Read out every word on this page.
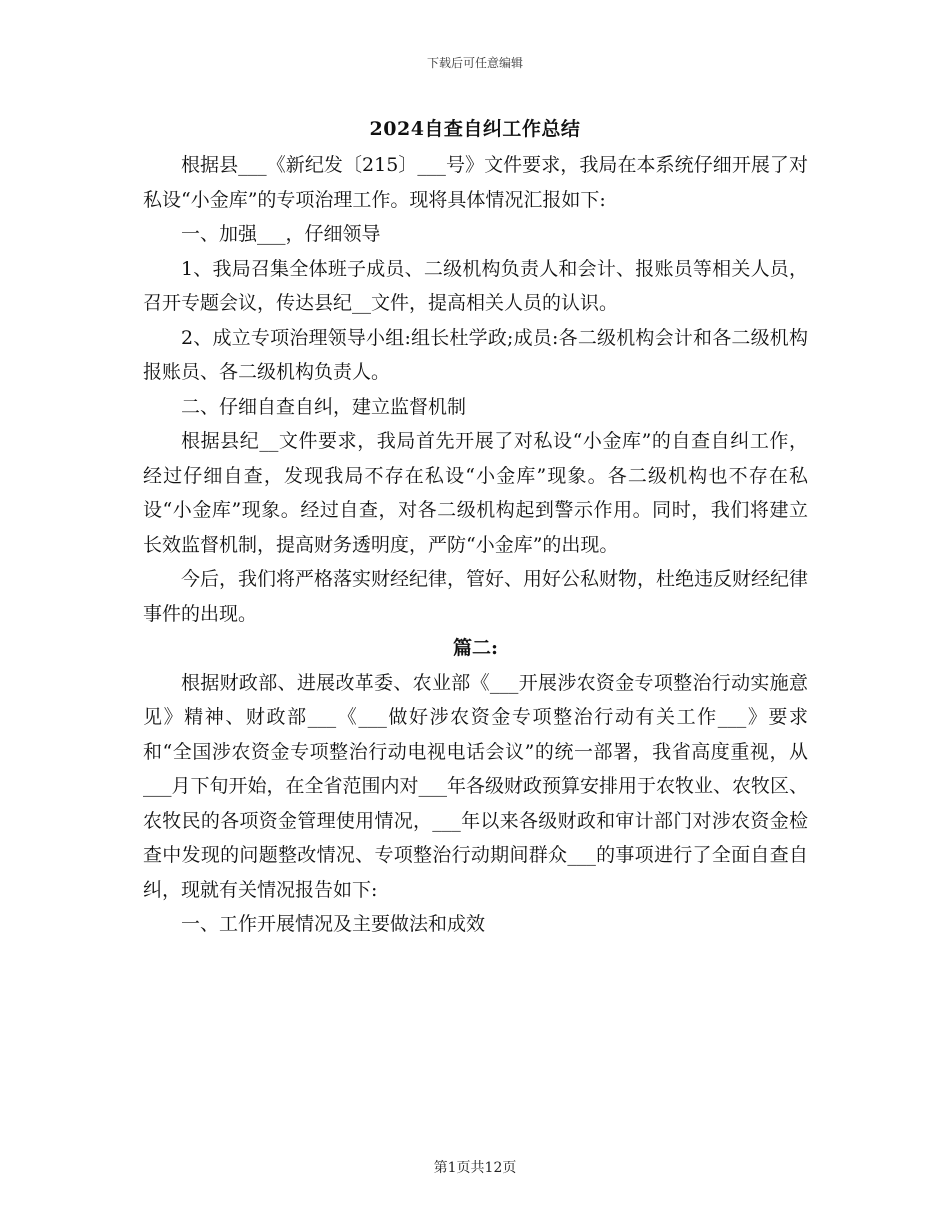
下载后可任意编辑
2024自查自纠工作总结

根据县___《新纪发〔215〕___号》文件要求，我局在本系统仔细开展了对私设“小金库”的专项治理工作。现将具体情况汇报如下:

一、加强___，仔细领导

1、我局召集全体班子成员、二级机构负责人和会计、报账员等相关人员，召开专题会议，传达县纪__文件，提高相关人员的认识。

2、成立专项治理领导小组:组长杜学政;成员:各二级机构会计和各二级机构报账员、各二级机构负责人。

二、仔细自查自纠，建立监督机制

根据县纪__文件要求，我局首先开展了对私设“小金库”的自查自纠工作，经过仔细自查，发现我局不存在私设“小金库”现象。各二级机构也不存在私设“小金库”现象。经过自查，对各二级机构起到警示作用。同时，我们将建立长效监督机制，提高财务透明度，严防“小金库”的出现。

今后，我们将严格落实财经纪律，管好、用好公私财物，杜绝违反财经纪律事件的出现。

篇二:

根据财政部、进展改革委、农业部《___开展涉农资金专项整治行动实施意见》精神、财政部___《___做好涉农资金专项整治行动有关工作___》要求和“全国涉农资金专项整治行动电视电话会议”的统一部署，我省高度重视，从___月下旬开始，在全省范围内对___年各级财政预算安排用于农牧业、农牧区、农牧民的各项资金管理使用情况，___年以来各级财政和审计部门对涉农资金检查中发现的问题整改情况、专项整治行动期间群众___的事项进行了全面自查自纠，现就有关情况报告如下:

一、工作开展情况及主要做法和成效

第1页共12页
